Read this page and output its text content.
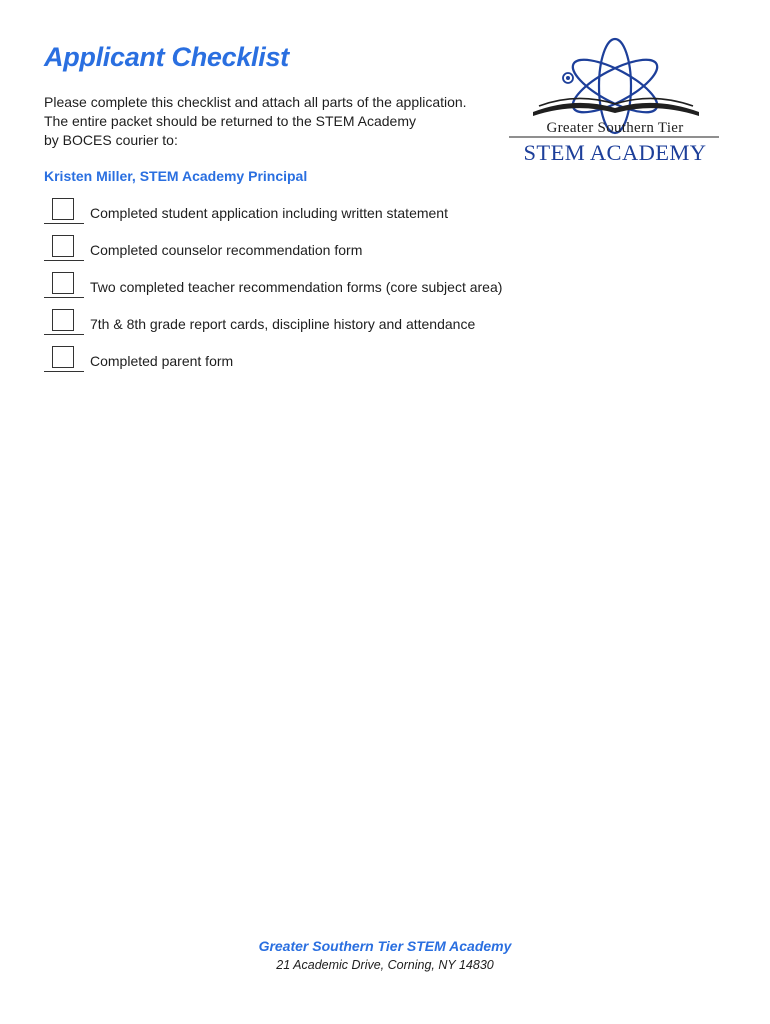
Applicant Checklist
Please complete this checklist and attach all parts of the application.
The entire packet should be returned to the STEM Academy
by BOCES courier to:
Kristen Miller, STEM Academy Principal
Completed student application including written statement
Completed counselor recommendation form
Two completed teacher recommendation forms (core subject area)
7th & 8th grade report cards, discipline history and attendance
Completed parent form
Greater Southern Tier
STEM ACADEMY
Greater Southern Tier STEM Academy
21 Academic Drive, Corning, NY 14830
